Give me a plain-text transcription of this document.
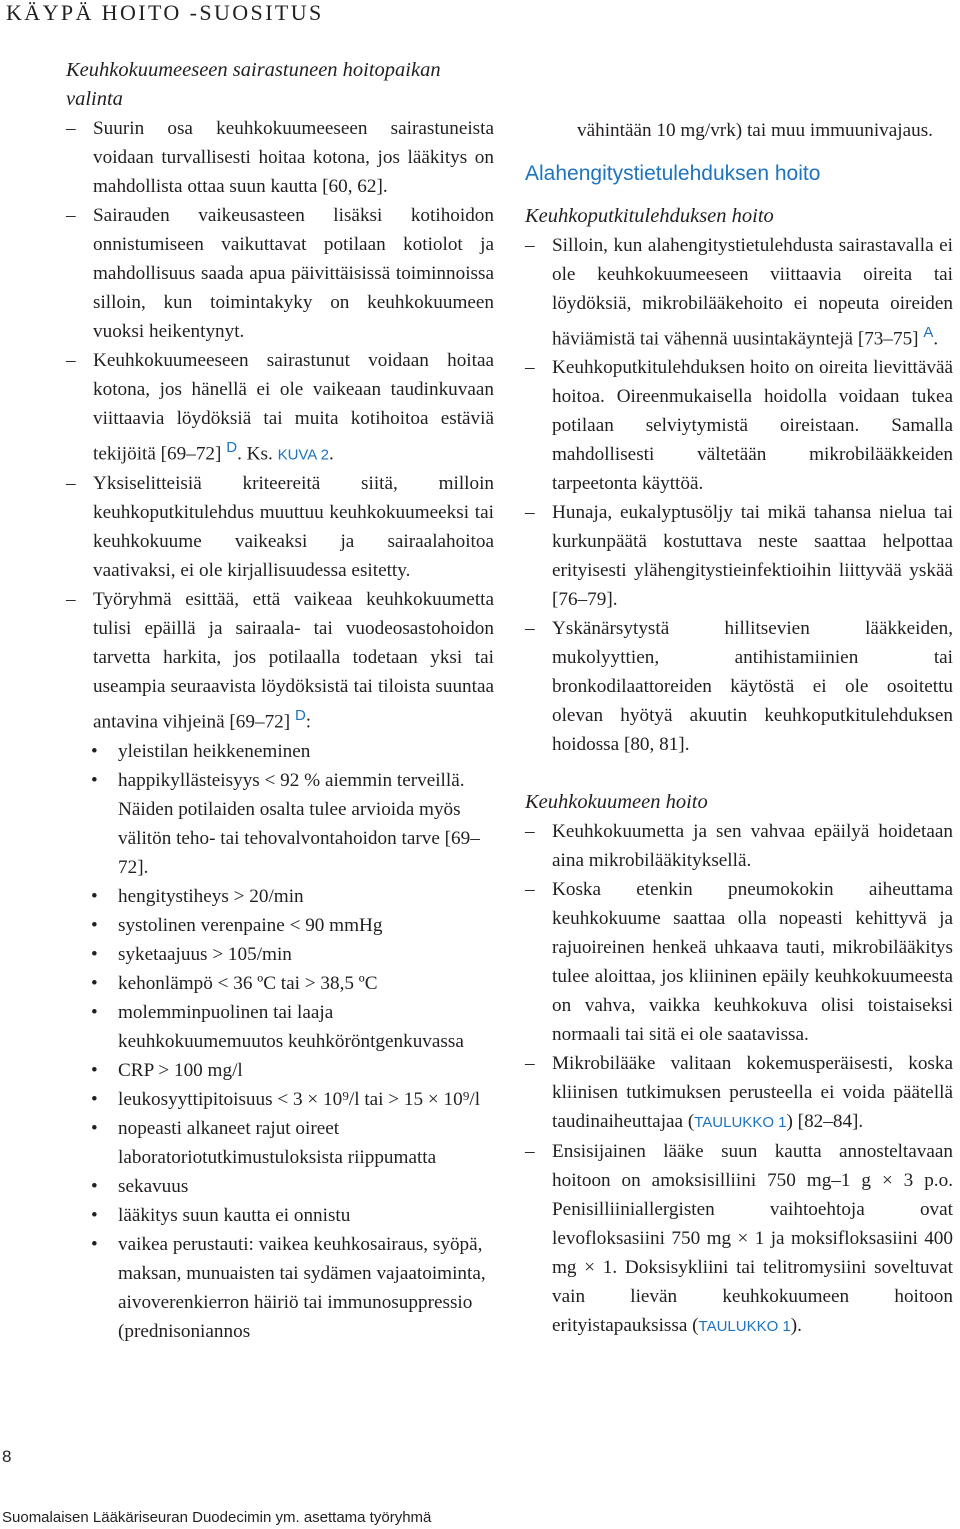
KÄYPÄ HOITO -SUOSITUS

Keuhkokuumeeseen sairastuneen hoitopaikan valinta

– Suurin osa keuhkokuumeeseen sairastuneista voidaan turvallisesti hoitaa kotona, jos lääkitys on mahdollista ottaa suun kautta [60, 62].

– Sairauden vaikeusasteen lisäksi kotihoidon onnistumiseen vaikuttavat potilaan kotiolot ja mahdollisuus saada apua päivittäisissä toiminnoissa silloin, kun toimintakyky on keuhkokuumeen vuoksi heikentynyt.

– Keuhkokuumeeseen sairastunut voidaan hoitaa kotona, jos hänellä ei ole vaikeaan taudinkuvaan viittaavia löydöksiä tai muita kotihoitoa estäviä tekijöitä [69–72] $^D$. Ks. KUVA 2.

– Yksiselitteisiä kriteereitä siitä, milloin keuhkoputkitulehdus muuttuu keuhkokuumeeksi tai keuhkokuume vaikeaksi ja sairaalahoitoa vaativaksi, ei ole kirjallisuudessa esitetty.

– Työryhmä esittää, että vaikeaa keuhkokuumetta tulisi epäillä ja sairaala- tai vuodeosastohoidon tarvetta harkita, jos potilaalla todetaan yksi tai useampia seuraavista löydöksistä tai tiloista suuntaa antavina vihjeinä [69–72] $^D$:

• yleistilan heikkeneminen

• happikyllästeisyys < 92 % aiemmin terveillä. Näiden potilaiden osalta tulee arvioida myös välitön teho- tai tehovalvontahoidon tarve [69–72].

• hengitystiheys > 20/min

• systolinen verenpaine < 90 mmHg

• syketaajuus > 105/min

• kehonlämpö < 36 ºC tai > 38,5 ºC

• molemminpuolinen tai laaja keuhkokuumemuutos keuhköröntgenkuvassa

• CRP > 100 mg/l

• leukosyyttipitoisuus < 3 × 10⁹/l tai > 15 × 10⁹/l

• nopeasti alkaneet rajut oireet laboratoriotutkimustuloksista riippumatta

• sekavuus

• lääkitys suun kautta ei onnistu

• vaikea perustauti: vaikea keuhkosairaus, syöpä, maksan, munuaisten tai sydämen vajaatoiminta, aivoverenkierron häiriö tai immunosuppressio (prednisoniannos

vähintään 10 mg/vrk) tai muu immuunivajaus.

Alahengitystietulehduksen hoito

Keuhkoputkitulehduksen hoito

– Silloin, kun alahengitystietulehdusta sairastavalla ei ole keuhkokuumeeseen viittaavia oireita tai löydöksiä, mikrobilääkehoito ei nopeuta oireiden häviämistä tai vähennä uusintakäyntejä [73–75] $^A$.

– Keuhkoputkitulehduksen hoito on oireita lievittävää hoitoa. Oireenmukaisella hoidolla voidaan tukea potilaan selviytymistä oireistaan. Samalla mahdollisesti vältetään mikrobilääkkeiden tarpeetonta käyttöä.

– Hunaja, eukalyptusöljy tai mikä tahansa nielua tai kurkunpäätä kostuttava neste saattaa helpottaa erityisesti ylähengitystieinfektioihin liittyvää yskää [76–79].

– Yskänärsytystä hillitsevien lääkkeiden, mukolyyttien, antihistamiinien tai bronkodilaattoreiden käytöstä ei ole osoitettu olevan hyötyä akuutin keuhkoputkitulehduksen hoidossa [80, 81].

Keuhkokuumeen hoito

– Keuhkokuumetta ja sen vahvaa epäilyä hoidetaan aina mikrobilääkityksellä.

– Koska etenkin pneumokokin aiheuttama keuhkokuume saattaa olla nopeasti kehittyvä ja rajuoireinen henkeä uhkaava tauti, mikrobilääkitys tulee aloittaa, jos kliininen epäily keuhkokuumeesta on vahva, vaikka keuhkokuva olisi toistaiseksi normaali tai sitä ei ole saatavissa.

– Mikrobilääke valitaan kokemusperäisesti, koska kliinisen tutkimuksen perusteella ei voida päätellä taudinaiheuttajaa (TAULUKKO 1) [82–84].

– Ensisijainen lääke suun kautta annosteltavaan hoitoon on amoksisilliini 750 mg–1 g × 3 p.o. Penisilliiniallergisten vaihtoehtoja ovat levofloksasiini 750 mg × 1 ja moksifloksasiini 400 mg × 1. Doksisykliini tai telitromysiini soveltuvat vain lievän keuhkokuumeen hoitoon erityistapauksissa (TAULUKKO 1).

8
Suomalaisen Lääkäriseuran Duodecimin ym. asettama työryhmä
